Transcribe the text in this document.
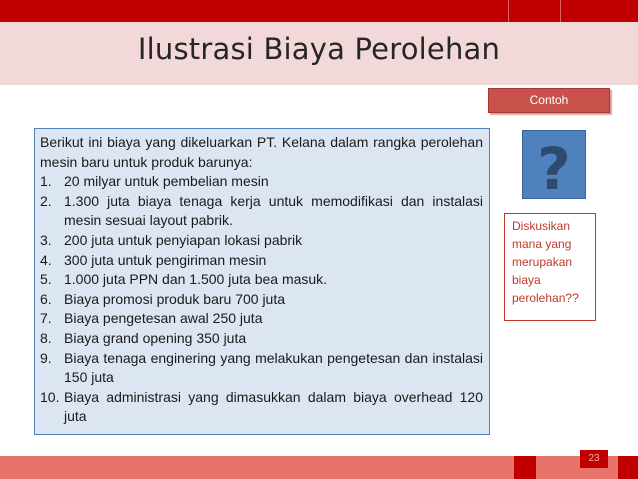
Ilustrasi Biaya Perolehan
Contoh

Berikut ini biaya yang dikeluarkan PT. Kelana dalam rangka perolehan mesin baru untuk produk barunya:

1. 20 milyar untuk pembelian mesin
2. 1.300 juta biaya tenaga kerja untuk memodifikasi dan instalasi mesin sesuai layout pabrik.
3. 200 juta untuk penyiapan lokasi pabrik
4. 300 juta untuk pengiriman mesin
5. 1.000 juta PPN dan 1.500 juta bea masuk.
6. Biaya promosi produk baru 700 juta
7. Biaya pengetesan awal 250 juta
8. Biaya grand opening 350 juta
9. Biaya tenaga enginering yang melakukan pengetesan dan instalasi 150 juta
10. Biaya administrasi yang dimasukkan dalam biaya overhead 120 juta
?
Diskusikan mana yang merupakan biaya perolehan??
23
